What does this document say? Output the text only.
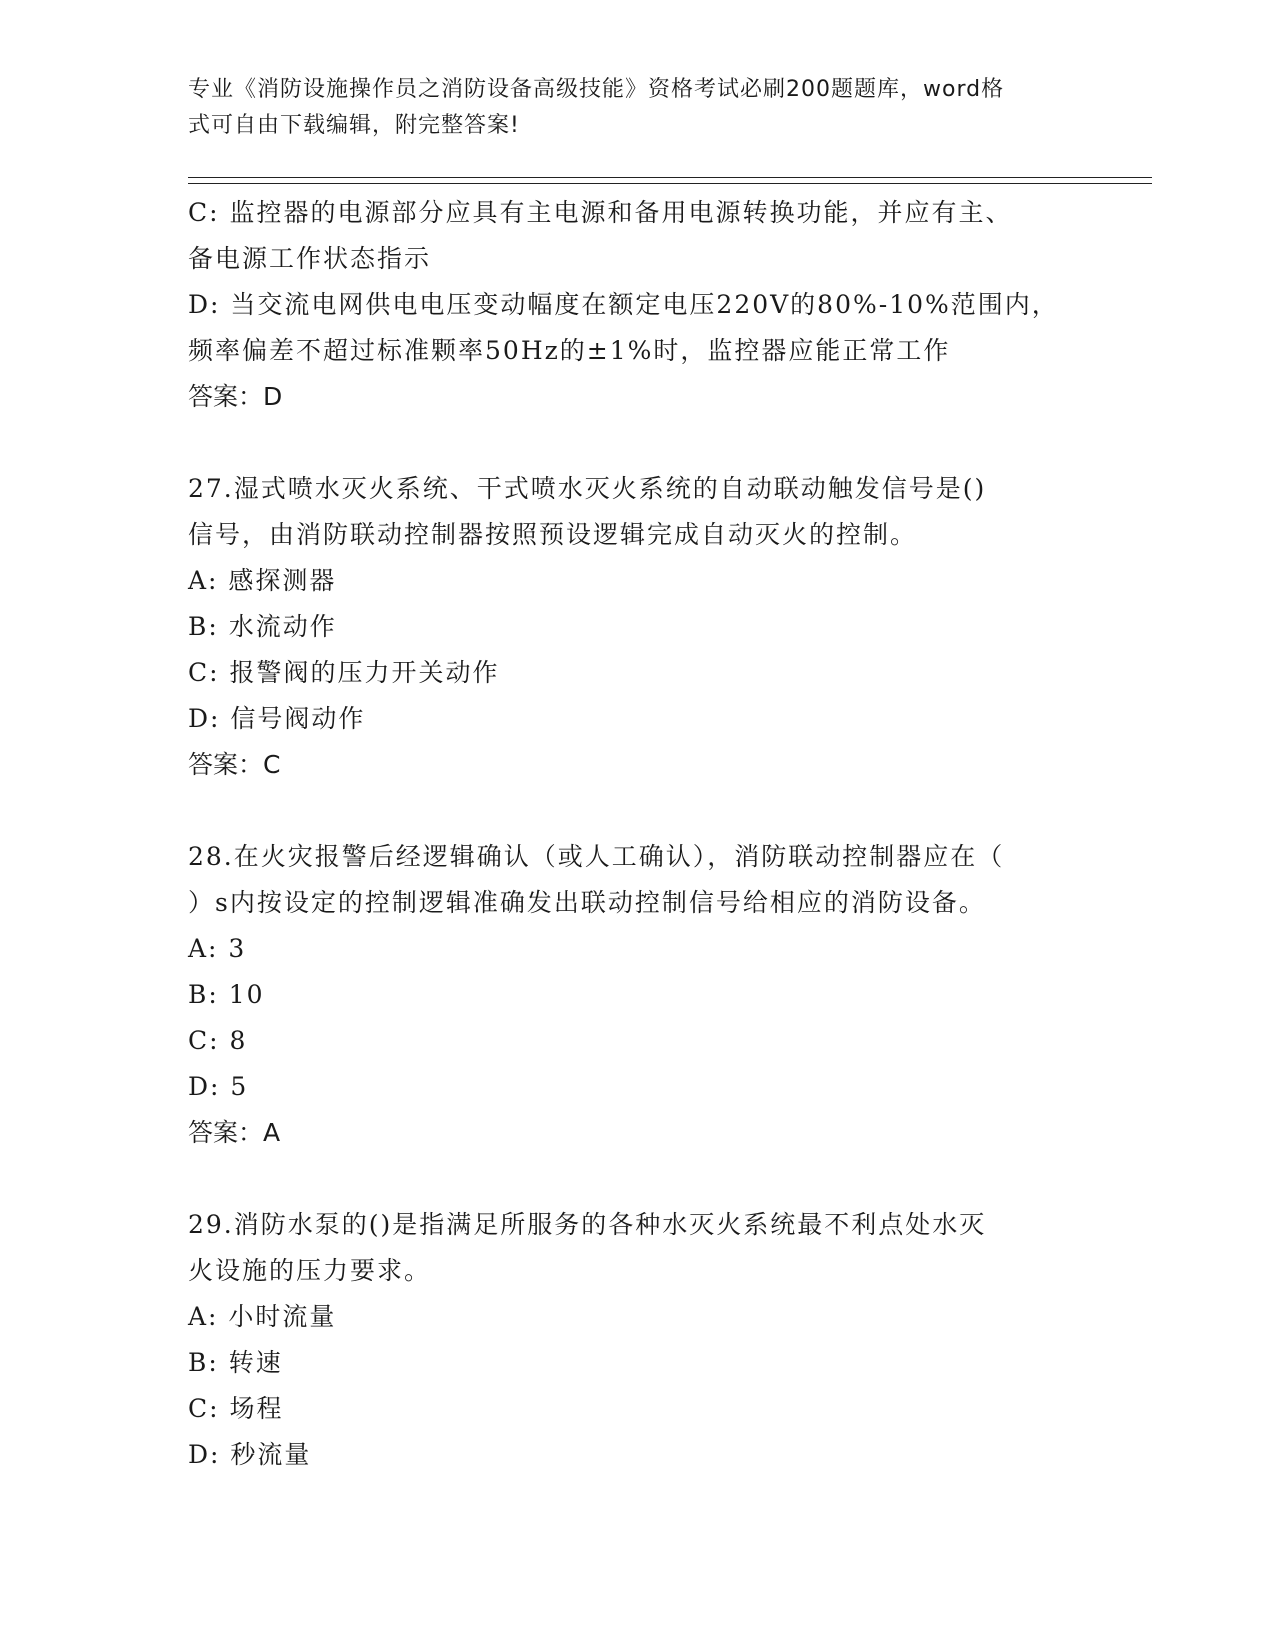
专业《消防设施操作员之消防设备高级技能》资格考试必刷200题题库，word格
式可自由下载编辑，附完整答案!
C: 监控器的电源部分应具有主电源和备用电源转换功能，并应有主、
备电源工作状态指示
D: 当交流电网供电电压变动幅度在额定电压220V的80%-10%范围内，
频率偏差不超过标准颗率50Hz的±1%时，监控器应能正常工作
答案：D
27.湿式喷水灭火系统、干式喷水灭火系统的自动联动触发信号是()
信号，由消防联动控制器按照预设逻辑完成自动灭火的控制。
A: 感探测器
B: 水流动作
C: 报警阀的压力开关动作
D: 信号阀动作
答案：C
28.在火灾报警后经逻辑确认（或人工确认），消防联动控制器应在（
）s内按设定的控制逻辑准确发出联动控制信号给相应的消防设备。
A: 3
B: 10
C: 8
D: 5
答案：A
29.消防水泵的()是指满足所服务的各种水灭火系统最不利点处水灭
火设施的压力要求。
A: 小时流量
B: 转速
C: 场程
D: 秒流量
